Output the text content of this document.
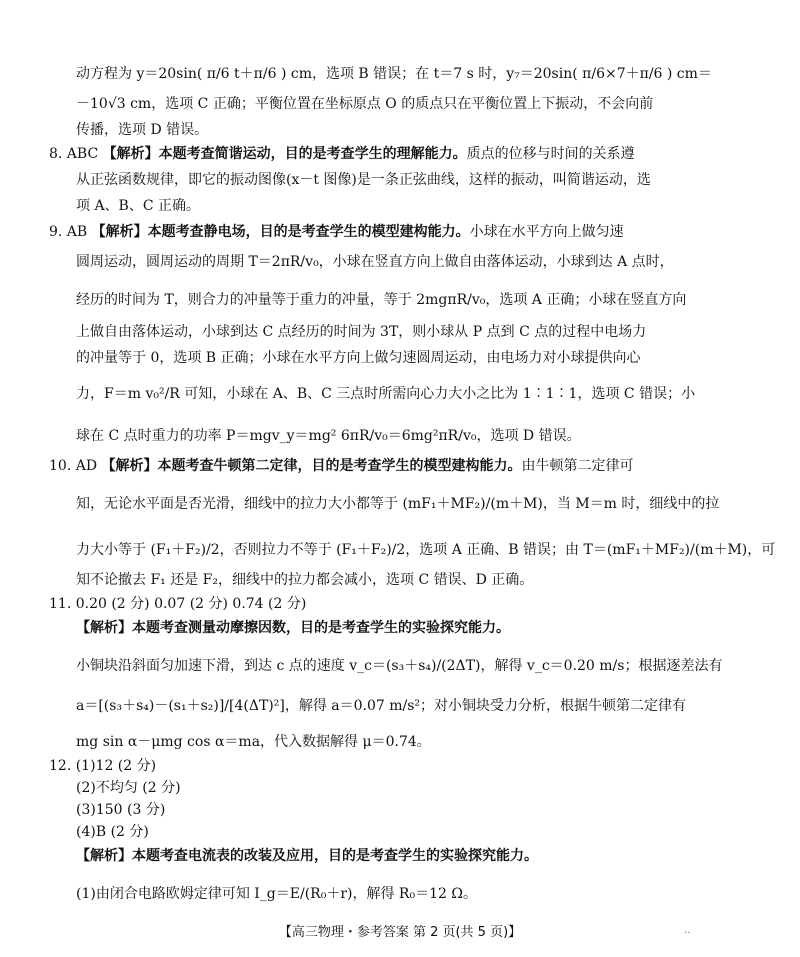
动方程为 y＝20sin( π/6 t＋π/6 ) cm，选项 B 错误；在 t＝7 s 时，y₇＝20sin( π/6×7＋π/6 ) cm＝
－10√3 cm，选项 C 正确；平衡位置在坐标原点 O 的质点只在平衡位置上下振动，不会向前
传播，选项 D 错误。
8. ABC 【解析】本题考查简谐运动，目的是考查学生的理解能力。质点的位移与时间的关系遵
从正弦函数规律，即它的振动图像(x－t 图像)是一条正弦曲线，这样的振动，叫简谐运动，选
项 A、B、C 正确。
9. AB 【解析】本题考查静电场，目的是考查学生的模型建构能力。小球在水平方向上做匀速
圆周运动，圆周运动的周期 T＝2πR/v₀，小球在竖直方向上做自由落体运动，小球到达 A 点时，
经历的时间为 T，则合力的冲量等于重力的冲量，等于 2mgπR/v₀，选项 A 正确；小球在竖直方向
上做自由落体运动，小球到达 C 点经历的时间为 3T，则小球从 P 点到 C 点的过程中电场力
的冲量等于 0，选项 B 正确；小球在水平方向上做匀速圆周运动，由电场力对小球提供向心
力，F＝m v₀²/R 可知，小球在 A、B、C 三点时所需向心力大小之比为 1∶1∶1，选项 C 错误；小
球在 C 点时重力的功率 P＝mgv_y＝mg² 6πR/v₀＝6mg²πR/v₀，选项 D 错误。
10. AD 【解析】本题考查牛顿第二定律，目的是考查学生的模型建构能力。由牛顿第二定律可
知，无论水平面是否光滑，细线中的拉力大小都等于 (mF₁＋MF₂)/(m＋M)，当 M＝m 时，细线中的拉
力大小等于 (F₁＋F₂)/2，否则拉力不等于 (F₁＋F₂)/2，选项 A 正确、B 错误；由 T＝(mF₁＋MF₂)/(m＋M)，可
知不论撤去 F₁ 还是 F₂，细线中的拉力都会减小，选项 C 错误、D 正确。
11. 0.20 (2 分) 0.07 (2 分) 0.74 (2 分)
【解析】本题考查测量动摩擦因数，目的是考查学生的实验探究能力。
小铜块沿斜面匀加速下滑，到达 c 点的速度 v_c＝(s₃＋s₄)/(2ΔT)，解得 v_c＝0.20 m/s；根据逐差法有
a＝[(s₃＋s₄)－(s₁＋s₂)]/[4(ΔT)²]，解得 a＝0.07 m/s²；对小铜块受力分析，根据牛顿第二定律有
mg sin α－μmg cos α＝ma，代入数据解得 μ＝0.74。
12. (1)12 (2 分)
(2)不均匀 (2 分)
(3)150 (3 分)
(4)B (2 分)
【解析】本题考查电流表的改装及应用，目的是考查学生的实验探究能力。
(1)由闭合电路欧姆定律可知 I_g＝E/(R₀＋r)，解得 R₀＝12 Ω。
【高三物理・参考答案 第 2 页(共 5 页)】	..
